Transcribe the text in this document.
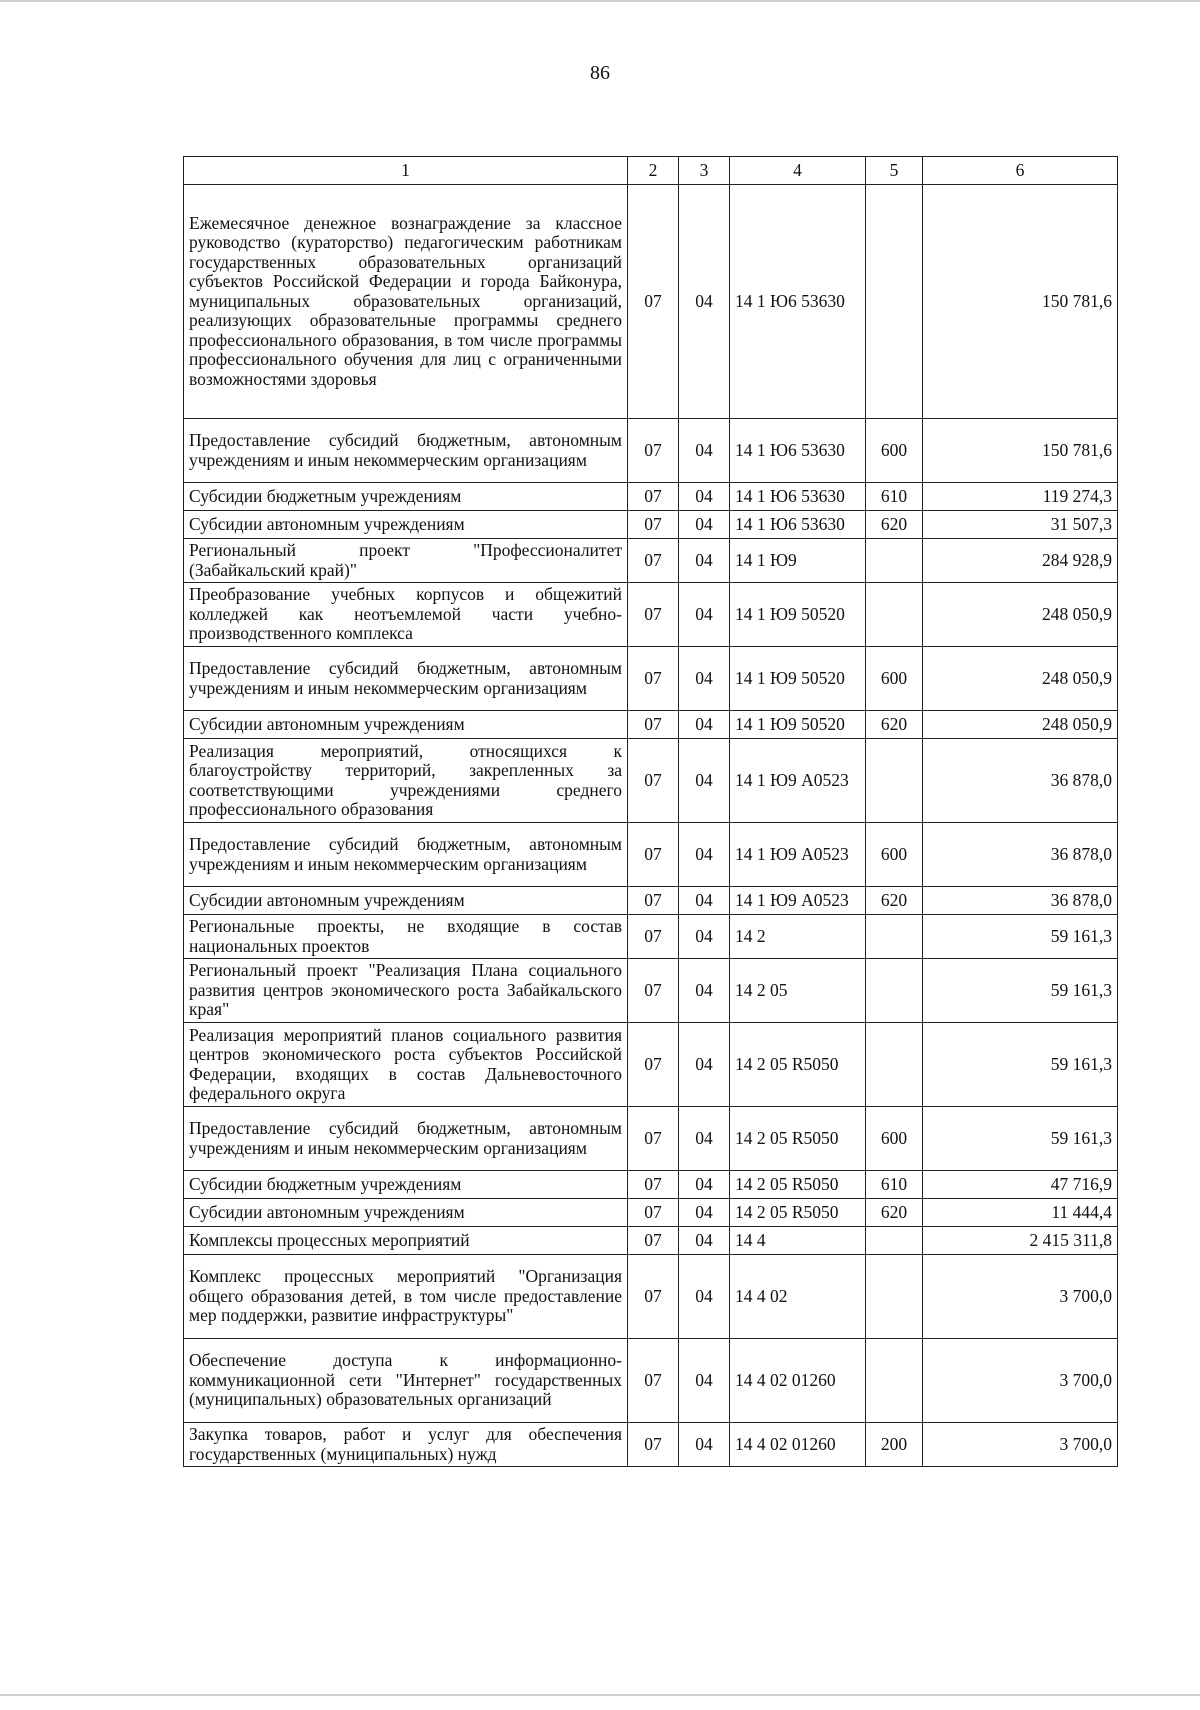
86
1	2	3	4	5	6
Ежемесячное денежное вознаграждение за классное руководство (кураторство) педагогическим работникам государственных образовательных организаций субъектов Российской Федерации и города Байконура, муниципальных образовательных организаций, реализующих образовательные программы среднего профессионального образования, в том числе программы профессионального обучения для лиц с ограниченными возможностями здоровья	07	04	14 1 Ю6 53630		150 781,6
Предоставление субсидий бюджетным, автономным учреждениям и иным некоммерческим организациям	07	04	14 1 Ю6 53630	600	150 781,6
Субсидии бюджетным учреждениям	07	04	14 1 Ю6 53630	610	119 274,3
Субсидии автономным учреждениям	07	04	14 1 Ю6 53630	620	31 507,3
Региональный проект "Профессионалитет (Забайкальский край)"	07	04	14 1 Ю9		284 928,9
Преобразование учебных корпусов и общежитий колледжей как неотъемлемой части учебно-производственного комплекса	07	04	14 1 Ю9 50520		248 050,9
Предоставление субсидий бюджетным, автономным учреждениям и иным некоммерческим организациям	07	04	14 1 Ю9 50520	600	248 050,9
Субсидии автономным учреждениям	07	04	14 1 Ю9 50520	620	248 050,9
Реализация мероприятий, относящихся к благоустройству территорий, закрепленных за соответствующими учреждениями среднего профессионального образования	07	04	14 1 Ю9 А0523		36 878,0
Предоставление субсидий бюджетным, автономным учреждениям и иным некоммерческим организациям	07	04	14 1 Ю9 А0523	600	36 878,0
Субсидии автономным учреждениям	07	04	14 1 Ю9 А0523	620	36 878,0
Региональные проекты, не входящие в состав национальных проектов	07	04	14 2		59 161,3
Региональный проект "Реализация Плана социального развития центров экономического роста Забайкальского края"	07	04	14 2 05		59 161,3
Реализация мероприятий планов социального развития центров экономического роста субъектов Российской Федерации, входящих в состав Дальневосточного федерального округа	07	04	14 2 05 R5050		59 161,3
Предоставление субсидий бюджетным, автономным учреждениям и иным некоммерческим организациям	07	04	14 2 05 R5050	600	59 161,3
Субсидии бюджетным учреждениям	07	04	14 2 05 R5050	610	47 716,9
Субсидии автономным учреждениям	07	04	14 2 05 R5050	620	11 444,4
Комплексы процессных мероприятий	07	04	14 4		2 415 311,8
Комплекс процессных мероприятий "Организация общего образования детей, в том числе предоставление мер поддержки, развитие инфраструктуры"	07	04	14 4 02		3 700,0
Обеспечение доступа к информационно-коммуникационной сети "Интернет" государственных (муниципальных) образовательных организаций	07	04	14 4 02 01260		3 700,0
Закупка товаров, работ и услуг для обеспечения государственных (муниципальных) нужд	07	04	14 4 02 01260	200	3 700,0
